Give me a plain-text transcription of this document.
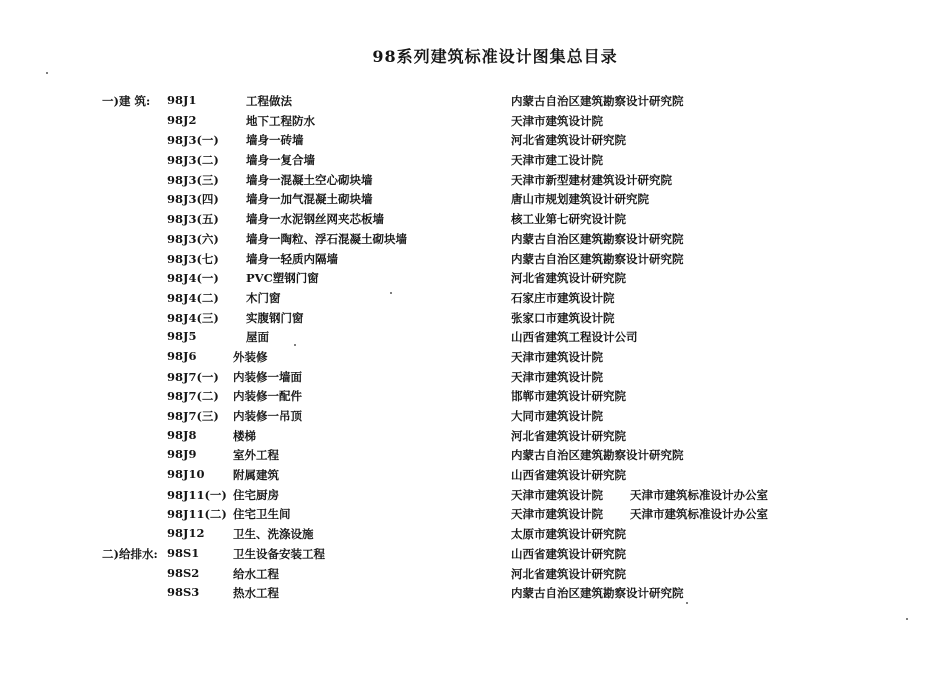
98系列建筑标准设计图集总目录
一)建 筑: 98J1	工程做法	内蒙古自治区建筑勘察设计研究院
98J2	地下工程防水	天津市建筑设计院
98J3(一) 墙身一砖墙	河北省建筑设计研究院
98J3(二) 墙身一复合墙	天津市建工设计院
98J3(三) 墙身一混凝土空心砌块墙	天津市新型建材建筑设计研究院
98J3(四) 墙身一加气混凝土砌块墙	唐山市规划建筑设计研究院
98J3(五) 墙身一水泥钢丝网夹芯板墙	核工业第七研究设计院
98J3(六) 墙身一陶粒、浮石混凝土砌块墙	内蒙古自治区建筑勘察设计研究院
98J3(七) 墙身一轻质内隔墙	内蒙古自治区建筑勘察设计研究院
98J4(一) PVC塑钢门窗	河北省建筑设计研究院
98J4(二) 木门窗	石家庄市建筑设计院
98J4(三) 实腹钢门窗	张家口市建筑设计院
98J5	屋面	山西省建筑工程设计公司
98J6	外装修	天津市建筑设计院
98J7(一) 内装修一墙面	天津市建筑设计院
98J7(二) 内装修一配件	邯郸市建筑设计研究院
98J7(三) 内装修一吊顶	大同市建筑设计院
98J8	楼梯	河北省建筑设计研究院
98J9	室外工程	内蒙古自治区建筑勘察设计研究院
98J10 附属建筑	山西省建筑设计研究院
98J11(一) 住宅厨房	天津市建筑设计院 天津市建筑标准设计办公室
98J11(二) 住宅卫生间	天津市建筑设计院 天津市建筑标准设计办公室
98J12 卫生、洗涤设施	太原市建筑设计研究院
二)给排水: 98S1	卫生设备安装工程	山西省建筑设计研究院
98S2	给水工程	河北省建筑设计研究院
98S3	热水工程	内蒙古自治区建筑勘察设计研究院
